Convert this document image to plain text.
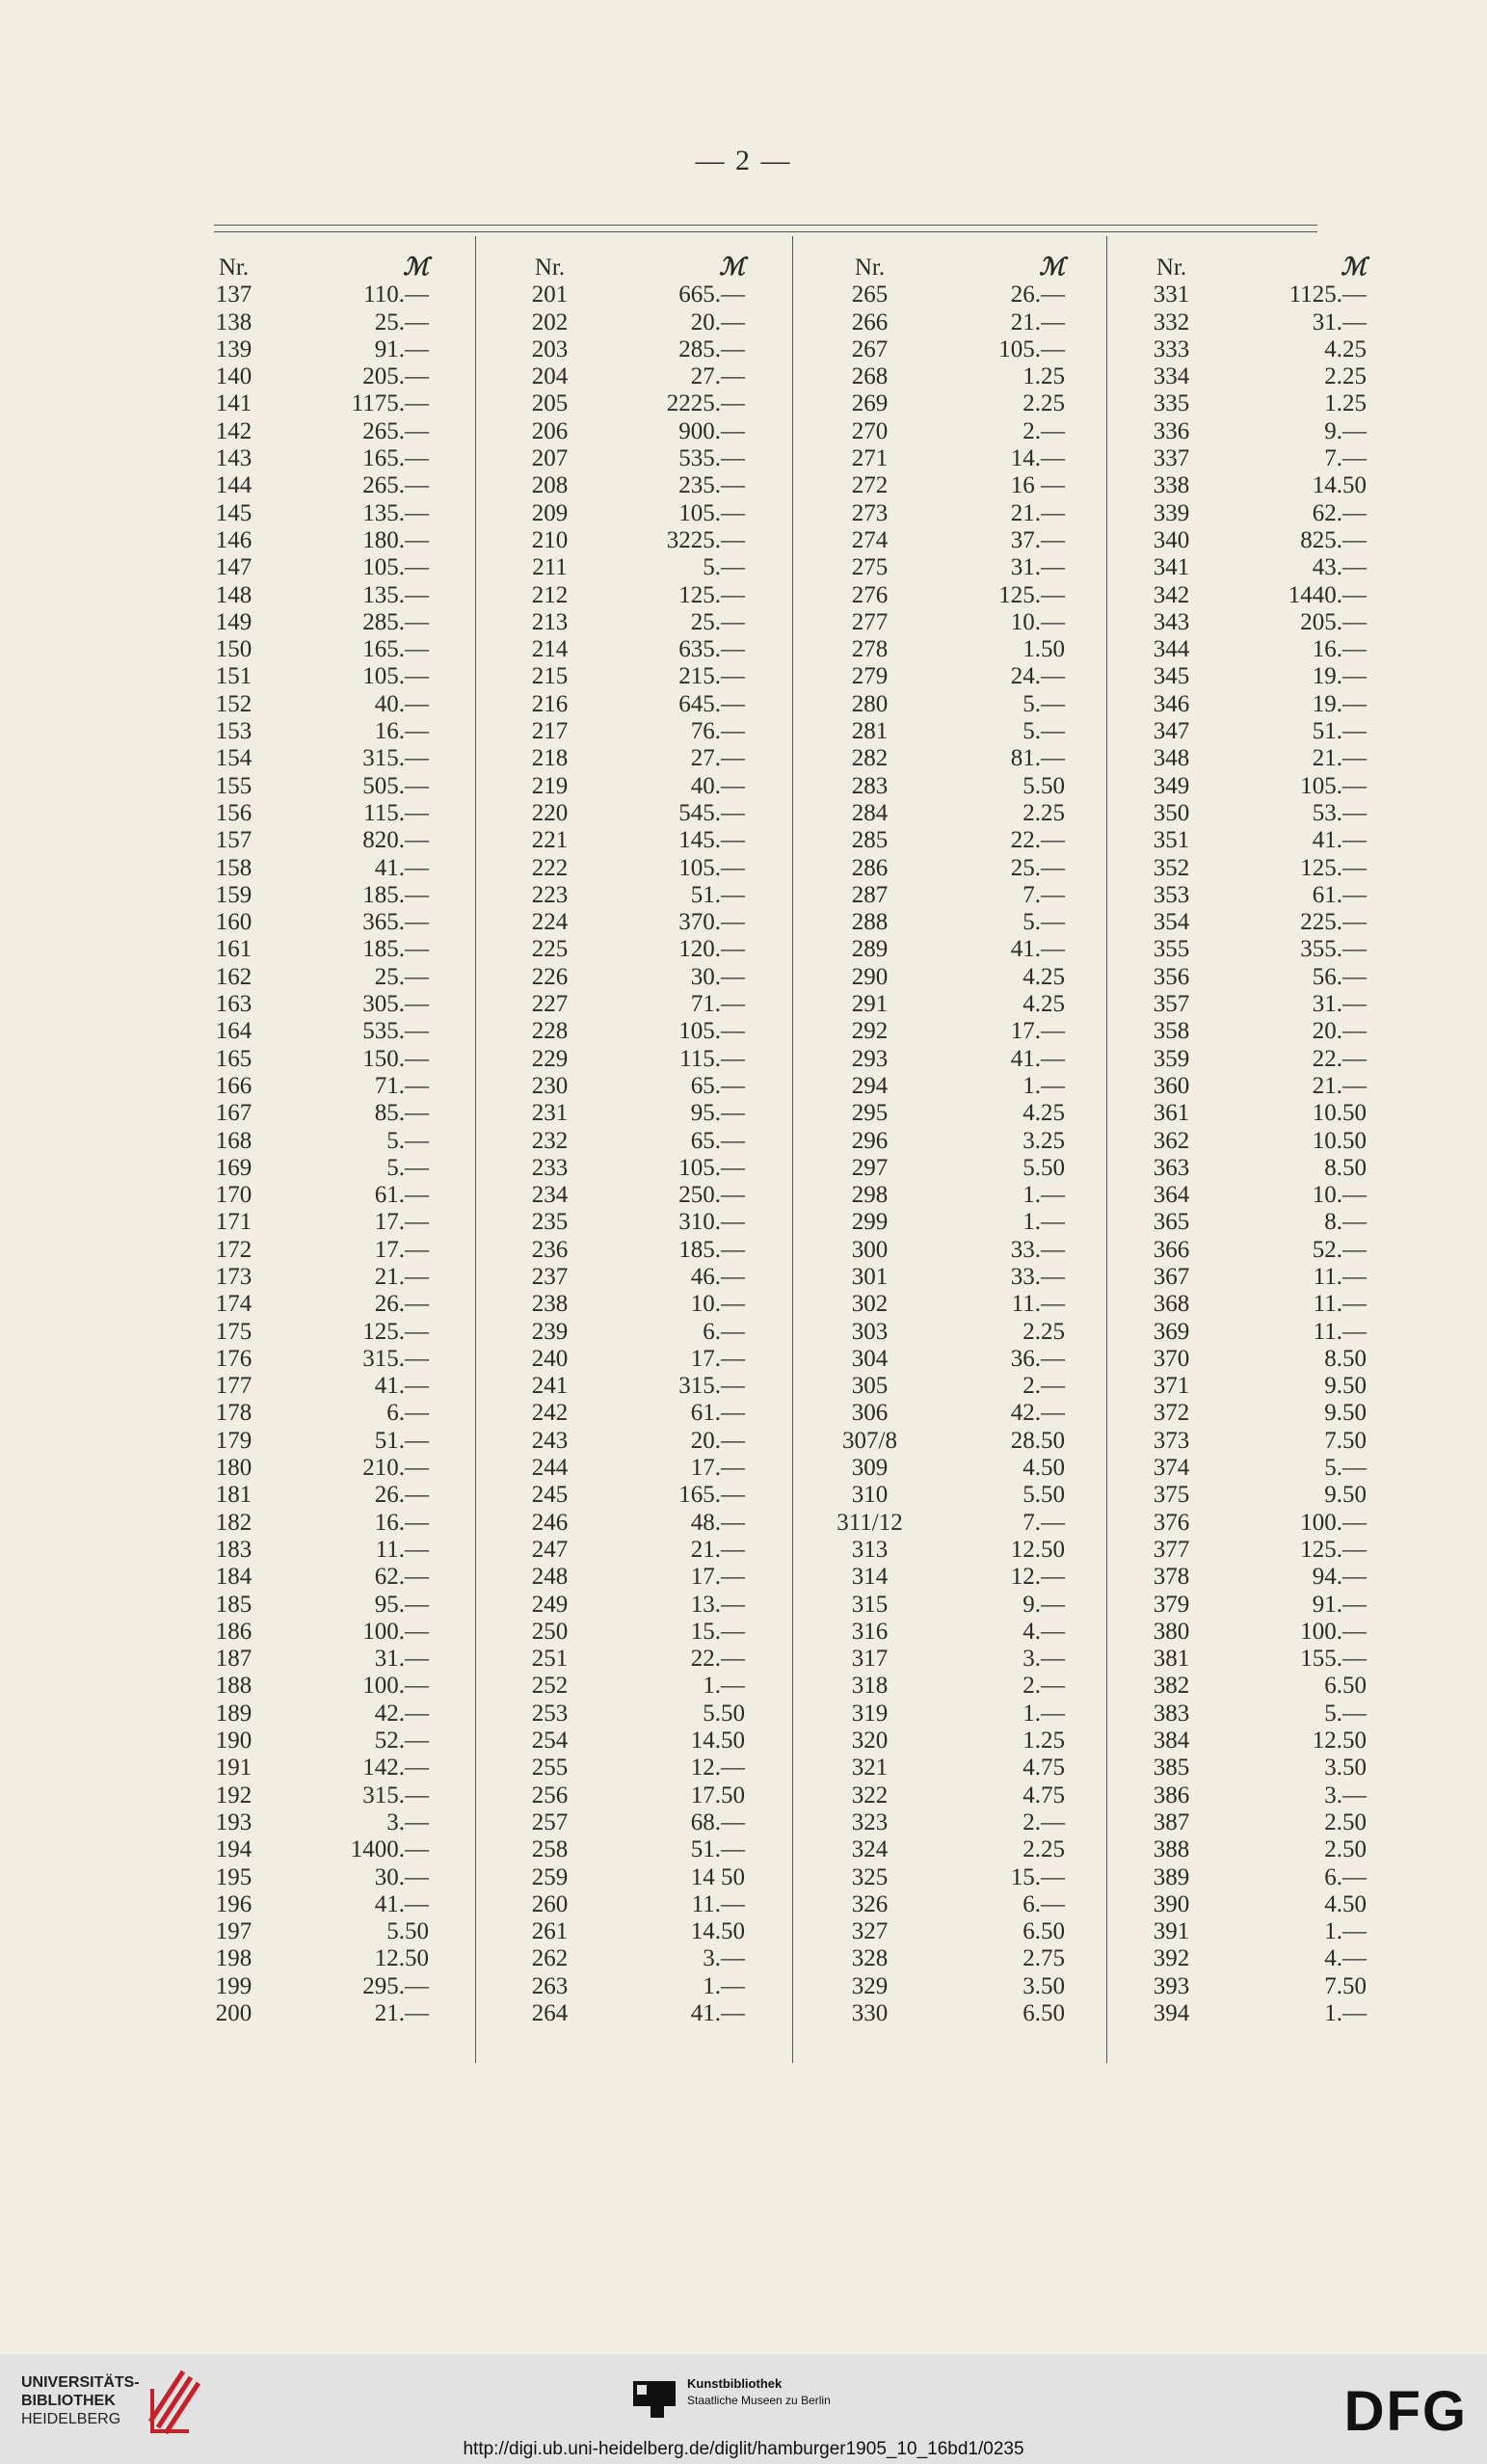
— 2 —
Nr.	ℳ
137	110.—
138	25.—
139	91.—
140	205.—
141	1175.—
142	265.—
143	165.—
144	265.—
145	135.—
146	180.—
147	105.—
148	135.—
149	285.—
150	165.—
151	105.—
152	40.—
153	16.—
154	315.—
155	505.—
156	115.—
157	820.—
158	41.—
159	185.—
160	365.—
161	185.—
162	25.—
163	305.—
164	535.—
165	150.—
166	71.—
167	85.—
168	5.—
169	5.—
170	61.—
171	17.—
172	17.—
173	21.—
174	26.—
175	125.—
176	315.—
177	41.—
178	6.—
179	51.—
180	210.—
181	26.—
182	16.—
183	11.—
184	62.—
185	95.—
186	100.—
187	31.—
188	100.—
189	42.—
190	52.—
191	142.—
192	315.—
193	3.—
194	1400.—
195	30.—
196	41.—
197	5.50
198	12.50
199	295.—
200	21.—
Nr.	ℳ
201	665.—
202	20.—
203	285.—
204	27.—
205	2225.—
206	900.—
207	535.—
208	235.—
209	105.—
210	3225.—
211	5.—
212	125.—
213	25.—
214	635.—
215	215.—
216	645.—
217	76.—
218	27.—
219	40.—
220	545.—
221	145.—
222	105.—
223	51.—
224	370.—
225	120.—
226	30.—
227	71.—
228	105.—
229	115.—
230	65.—
231	95.—
232	65.—
233	105.—
234	250.—
235	310.—
236	185.—
237	46.—
238	10.—
239	6.—
240	17.—
241	315.—
242	61.—
243	20.—
244	17.—
245	165.—
246	48.—
247	21.—
248	17.—
249	13.—
250	15.—
251	22.—
252	1.—
253	5.50
254	14.50
255	12.—
256	17.50
257	68.—
258	51.—
259	14 50
260	11.—
261	14.50
262	3.—
263	1.—
264	41.—
Nr.	ℳ
265	26.—
266	21.—
267	105.—
268	1.25
269	2.25
270	2.—
271	14.—
272	16 —
273	21.—
274	37.—
275	31.—
276	125.—
277	10.—
278	1.50
279	24.—
280	5.—
281	5.—
282	81.—
283	5.50
284	2.25
285	22.—
286	25.—
287	7.—
288	5.—
289	41.—
290	4.25
291	4.25
292	17.—
293	41.—
294	1.—
295	4.25
296	3.25
297	5.50
298	1.—
299	1.—
300	33.—
301	33.—
302	11.—
303	2.25
304	36.—
305	2.—
306	42.—
307/8	28.50
309	4.50
310	5.50
311/12	7.—
313	12.50
314	12.—
315	9.—
316	4.—
317	3.—
318	2.—
319	1.—
320	1.25
321	4.75
322	4.75
323	2.—
324	2.25
325	15.—
326	6.—
327	6.50
328	2.75
329	3.50
330	6.50
Nr.	ℳ
331	1125.—
332	31.—
333	4.25
334	2.25
335	1.25
336	9.—
337	7.—
338	14.50
339	62.—
340	825.—
341	43.—
342	1440.—
343	205.—
344	16.—
345	19.—
346	19.—
347	51.—
348	21.—
349	105.—
350	53.—
351	41.—
352	125.—
353	61.—
354	225.—
355	355.—
356	56.—
357	31.—
358	20.—
359	22.—
360	21.—
361	10.50
362	10.50
363	8.50
364	10.—
365	8.—
366	52.—
367	11.—
368	11.—
369	11.—
370	8.50
371	9.50
372	9.50
373	7.50
374	5.—
375	9.50
376	100.—
377	125.—
378	94.—
379	91.—
380	100.—
381	155.—
382	6.50
383	5.—
384	12.50
385	3.50
386	3.—
387	2.50
388	2.50
389	6.—
390	4.50
391	1.—
392	4.—
393	7.50
394	1.—
UNIVERSITÄTS-
BIBLIOTHEK
HEIDELBERG
Kunstbibliothek
Staatliche Museen zu Berlin	DFG
http://digi.ub.uni-heidelberg.de/diglit/hamburger1905_10_16bd1/0235
